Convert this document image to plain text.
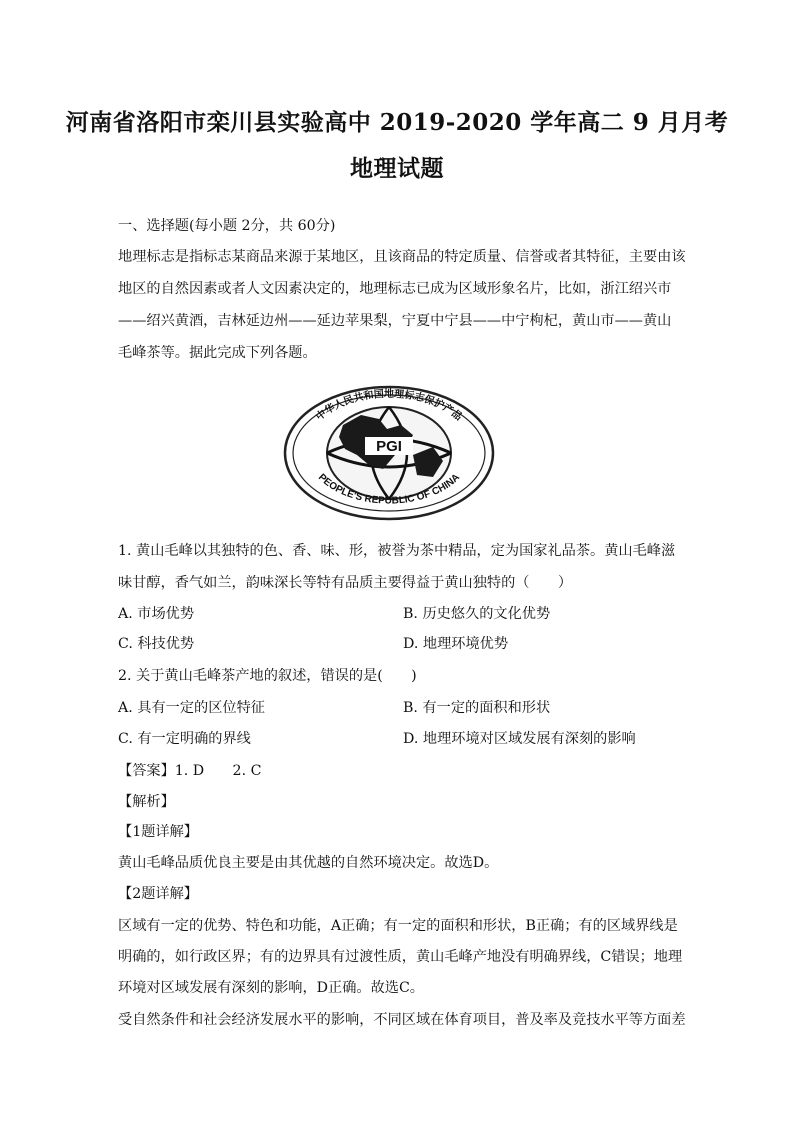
河南省洛阳市栾川县实验高中 2019-2020 学年高二 9 月月考
地理试题
一、选择题(每小题 2分，共 60分)
地理标志是指标志某商品来源于某地区，且该商品的特定质量、信誉或者其特征，主要由该
地区的自然因素或者人文因素决定的，地理标志已成为区域形象名片，比如，浙江绍兴市
——绍兴黄酒，吉林延边州——延边苹果梨，宁夏中宁县——中宁枸杞，黄山市——黄山
毛峰茶等。据此完成下列各题。
PGI
中华人民共和国地理标志保护产品
PEOPLE'S REPUBLIC OF CHINA
1. 黄山毛峰以其独特的色、香、味、形，被誉为茶中精品，定为国家礼品茶。黄山毛峰滋
味甘醇，香气如兰，韵味深长等特有品质主要得益于黄山独特的（　　）
A. 市场优势	B. 历史悠久的文化优势
C. 科技优势	D. 地理环境优势
2. 关于黄山毛峰茶产地的叙述，错误的是(　　)
A. 具有一定的区位特征	B. 有一定的面积和形状
C. 有一定明确的界线	D. 地理环境对区域发展有深刻的影响
【答案】1. D　　2. C
【解析】
【1题详解】
黄山毛峰品质优良主要是由其优越的自然环境决定。故选D。
【2题详解】
区域有一定的优势、特色和功能，A正确；有一定的面积和形状，B正确；有的区域界线是
明确的，如行政区界；有的边界具有过渡性质，黄山毛峰产地没有明确界线，C错误；地理
环境对区域发展有深刻的影响，D正确。故选C。
受自然条件和社会经济发展水平的影响，不同区域在体育项目，普及率及竞技水平等方面差
